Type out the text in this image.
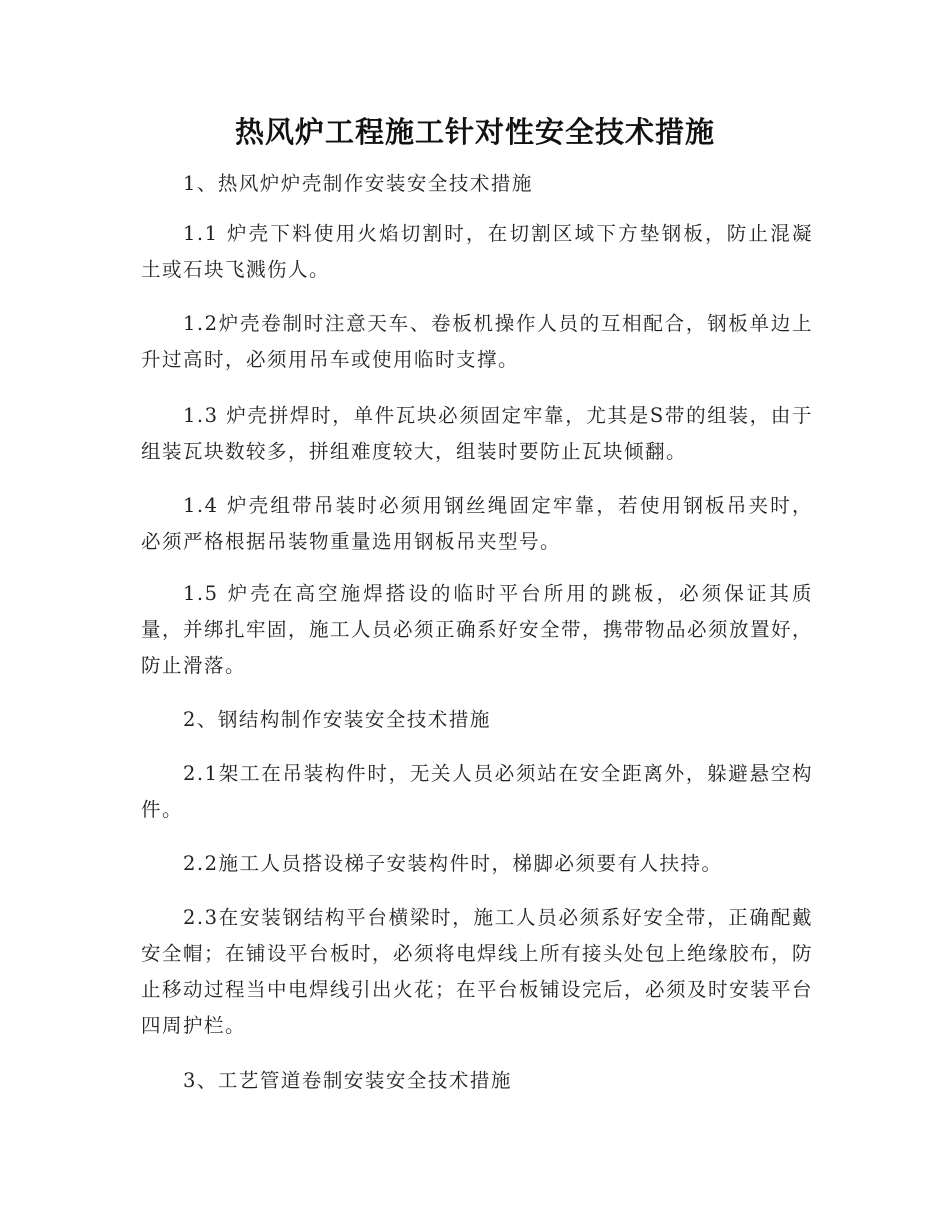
热风炉工程施工针对性安全技术措施

1、热风炉炉壳制作安装安全技术措施

1.1 炉壳下料使用火焰切割时，在切割区域下方垫钢板，防止混凝土或石块飞溅伤人。

1.2炉壳卷制时注意天车、卷板机操作人员的互相配合，钢板单边上升过高时，必须用吊车或使用临时支撑。

1.3 炉壳拼焊时，单件瓦块必须固定牢靠，尤其是S带的组装，由于组装瓦块数较多，拼组难度较大，组装时要防止瓦块倾翻。

1.4 炉壳组带吊装时必须用钢丝绳固定牢靠，若使用钢板吊夹时，必须严格根据吊装物重量选用钢板吊夹型号。

1.5 炉壳在高空施焊搭设的临时平台所用的跳板，必须保证其质量，并绑扎牢固，施工人员必须正确系好安全带，携带物品必须放置好，防止滑落。

2、钢结构制作安装安全技术措施

2.1架工在吊装构件时，无关人员必须站在安全距离外，躲避悬空构件。

2.2施工人员搭设梯子安装构件时，梯脚必须要有人扶持。

2.3在安装钢结构平台横梁时，施工人员必须系好安全带，正确配戴安全帽；在铺设平台板时，必须将电焊线上所有接头处包上绝缘胶布，防止移动过程当中电焊线引出火花；在平台板铺设完后，必须及时安装平台四周护栏。

3、工艺管道卷制安装安全技术措施
